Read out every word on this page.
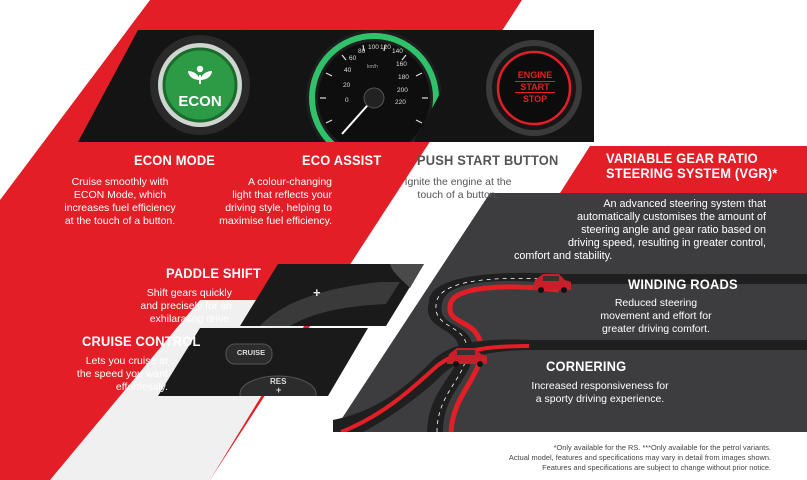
ECON	0
20
40
60
80
100 120
140
160
180
200
220
km/h
ENGINE
START
STOP
ECON MODE
Cruise smoothly with
ECON Mode, which
increases fuel efficiency
at the touch of a button.
ECO ASSIST
A colour-changing
light that reflects your
driving style, helping to
maximise fuel efficiency.
PUSH START BUTTON
Ignite the engine at the
touch of a button.
VARIABLE GEAR RATIO
STEERING SYSTEM (VGR)*
An advanced steering system that
automatically customises the amount of
steering angle and gear ratio based on
driving speed, resulting in greater control,
comfort and stability.
WINDING ROADS
Reduced steering
movement and effort for
greater driving comfort.
CORNERING
Increased responsiveness for
a sporty driving experience.
+
CRUISE
RES
+
PADDLE SHIFT
Shift gears quickly
and precisely for an
exhilarating drive.
CRUISE CONTROL
Lets you cruise at
the speed you want
effortlessly.
*Only available for the RS. ***Only available for the petrol variants.
Actual model, features and specifications may vary in detail from images shown.
Features and specifications are subject to change without prior notice.
